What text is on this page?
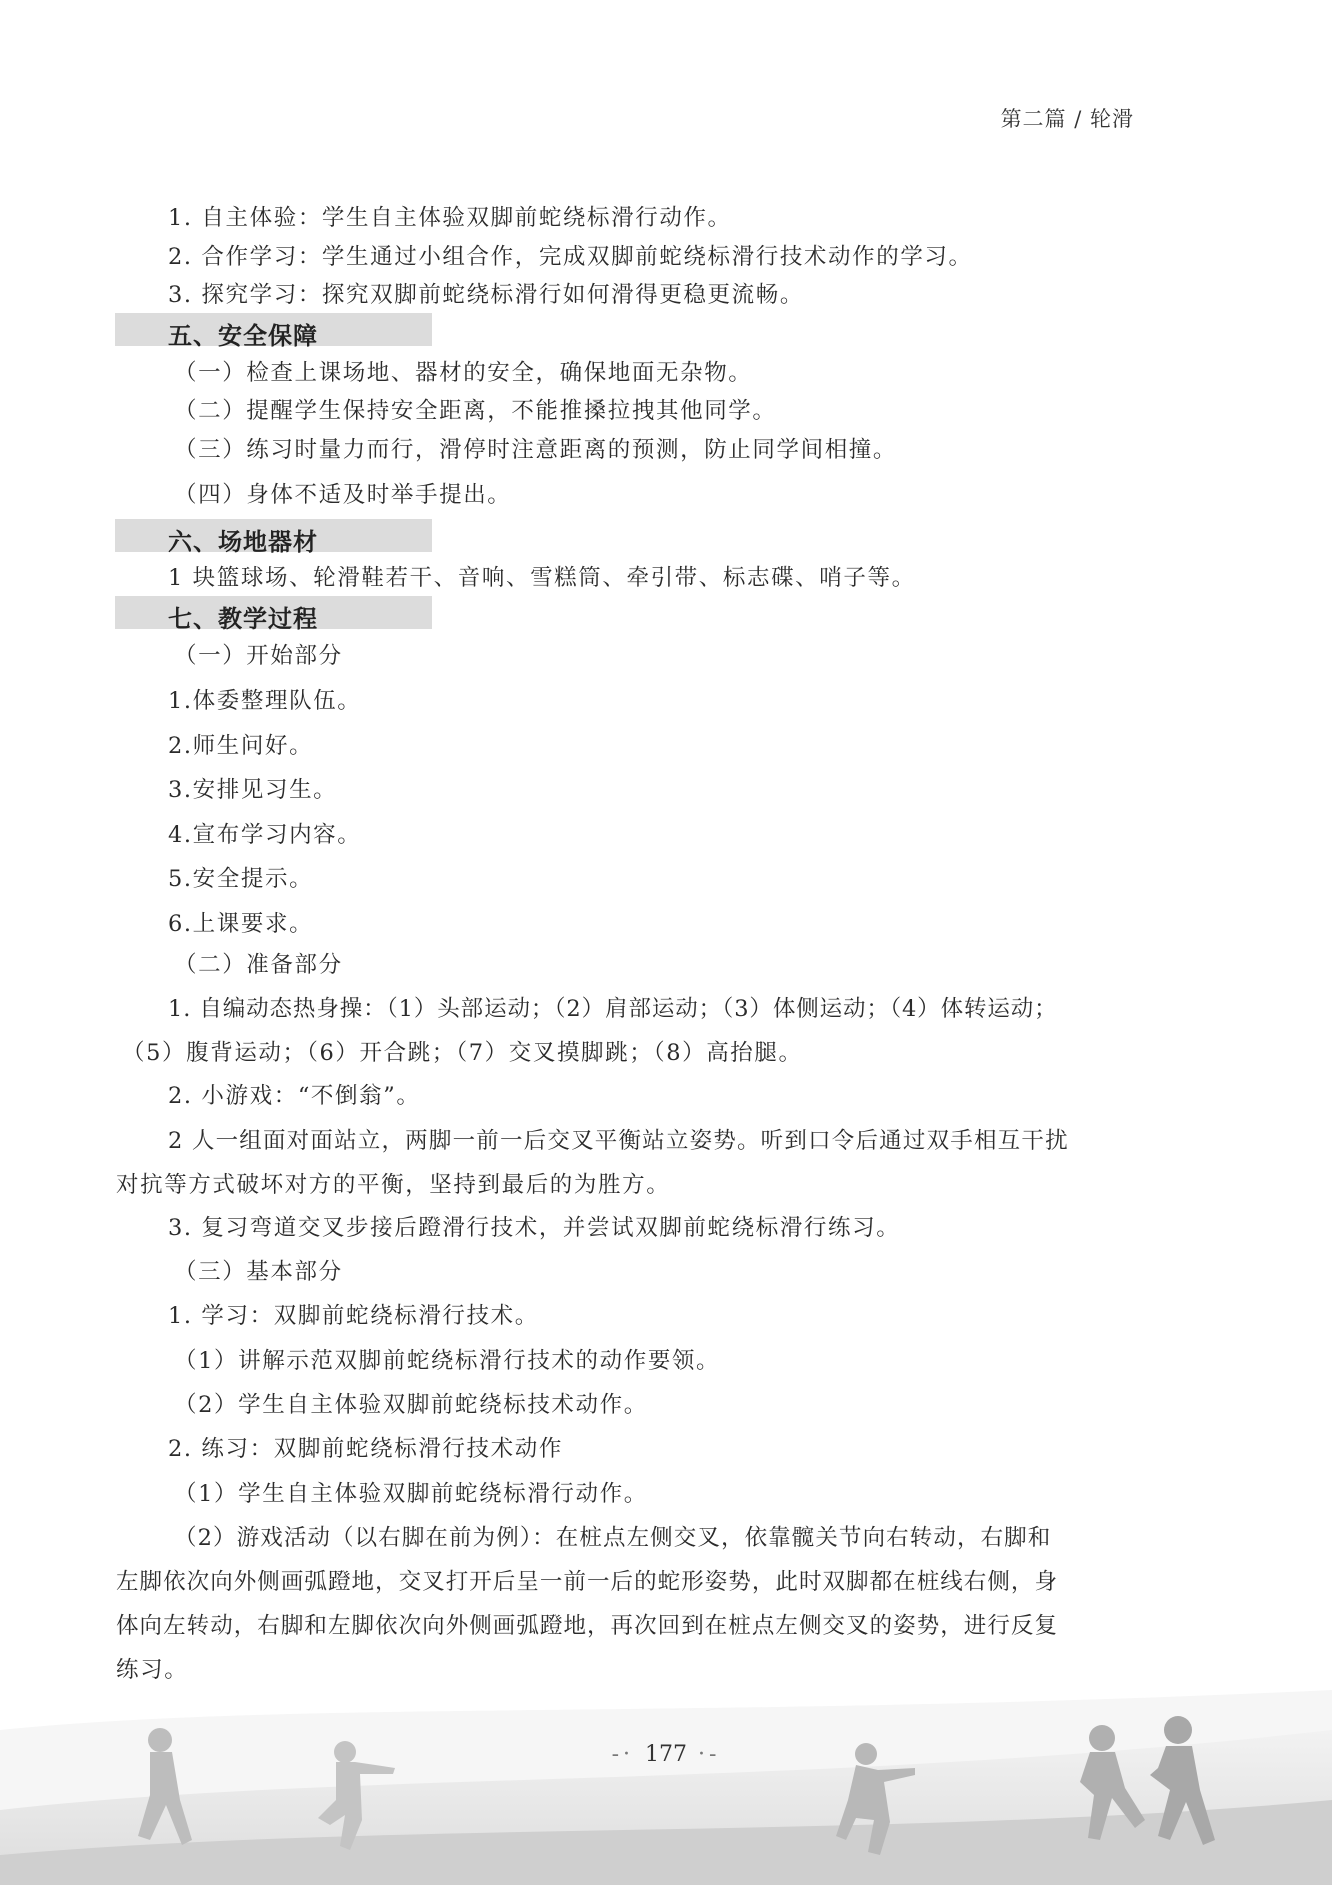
第二篇 / 轮滑
1. 自主体验：学生自主体验双脚前蛇绕标滑行动作。
2. 合作学习：学生通过小组合作，完成双脚前蛇绕标滑行技术动作的学习。
3. 探究学习：探究双脚前蛇绕标滑行如何滑得更稳更流畅。
五、安全保障
（一）检查上课场地、器材的安全，确保地面无杂物。
（二）提醒学生保持安全距离，不能推搡拉拽其他同学。
（三）练习时量力而行，滑停时注意距离的预测，防止同学间相撞。
（四）身体不适及时举手提出。
六、场地器材
1 块篮球场、轮滑鞋若干、音响、雪糕筒、牵引带、标志碟、哨子等。
七、教学过程
（一）开始部分
1.体委整理队伍。
2.师生问好。
3.安排见习生。
4.宣布学习内容。
5.安全提示。
6.上课要求。
（二）准备部分
1. 自编动态热身操：（1）头部运动；（2）肩部运动；（3）体侧运动；（4）体转运动；
（5）腹背运动；（6）开合跳；（7）交叉摸脚跳；（8）高抬腿。
2. 小游戏：“不倒翁”。
2 人一组面对面站立，两脚一前一后交叉平衡站立姿势。听到口令后通过双手相互干扰
对抗等方式破坏对方的平衡，坚持到最后的为胜方。
3. 复习弯道交叉步接后蹬滑行技术，并尝试双脚前蛇绕标滑行练习。
（三）基本部分
1. 学习：双脚前蛇绕标滑行技术。
（1）讲解示范双脚前蛇绕标滑行技术的动作要领。
（2）学生自主体验双脚前蛇绕标技术动作。
2. 练习：双脚前蛇绕标滑行技术动作
（1）学生自主体验双脚前蛇绕标滑行动作。
（2）游戏活动（以右脚在前为例）：在桩点左侧交叉，依靠髋关节向右转动，右脚和
左脚依次向外侧画弧蹬地，交叉打开后呈一前一后的蛇形姿势，此时双脚都在桩线右侧，身
体向左转动，右脚和左脚依次向外侧画弧蹬地，再次回到在桩点左侧交叉的姿势，进行反复
练习。
-· 177 ·-
